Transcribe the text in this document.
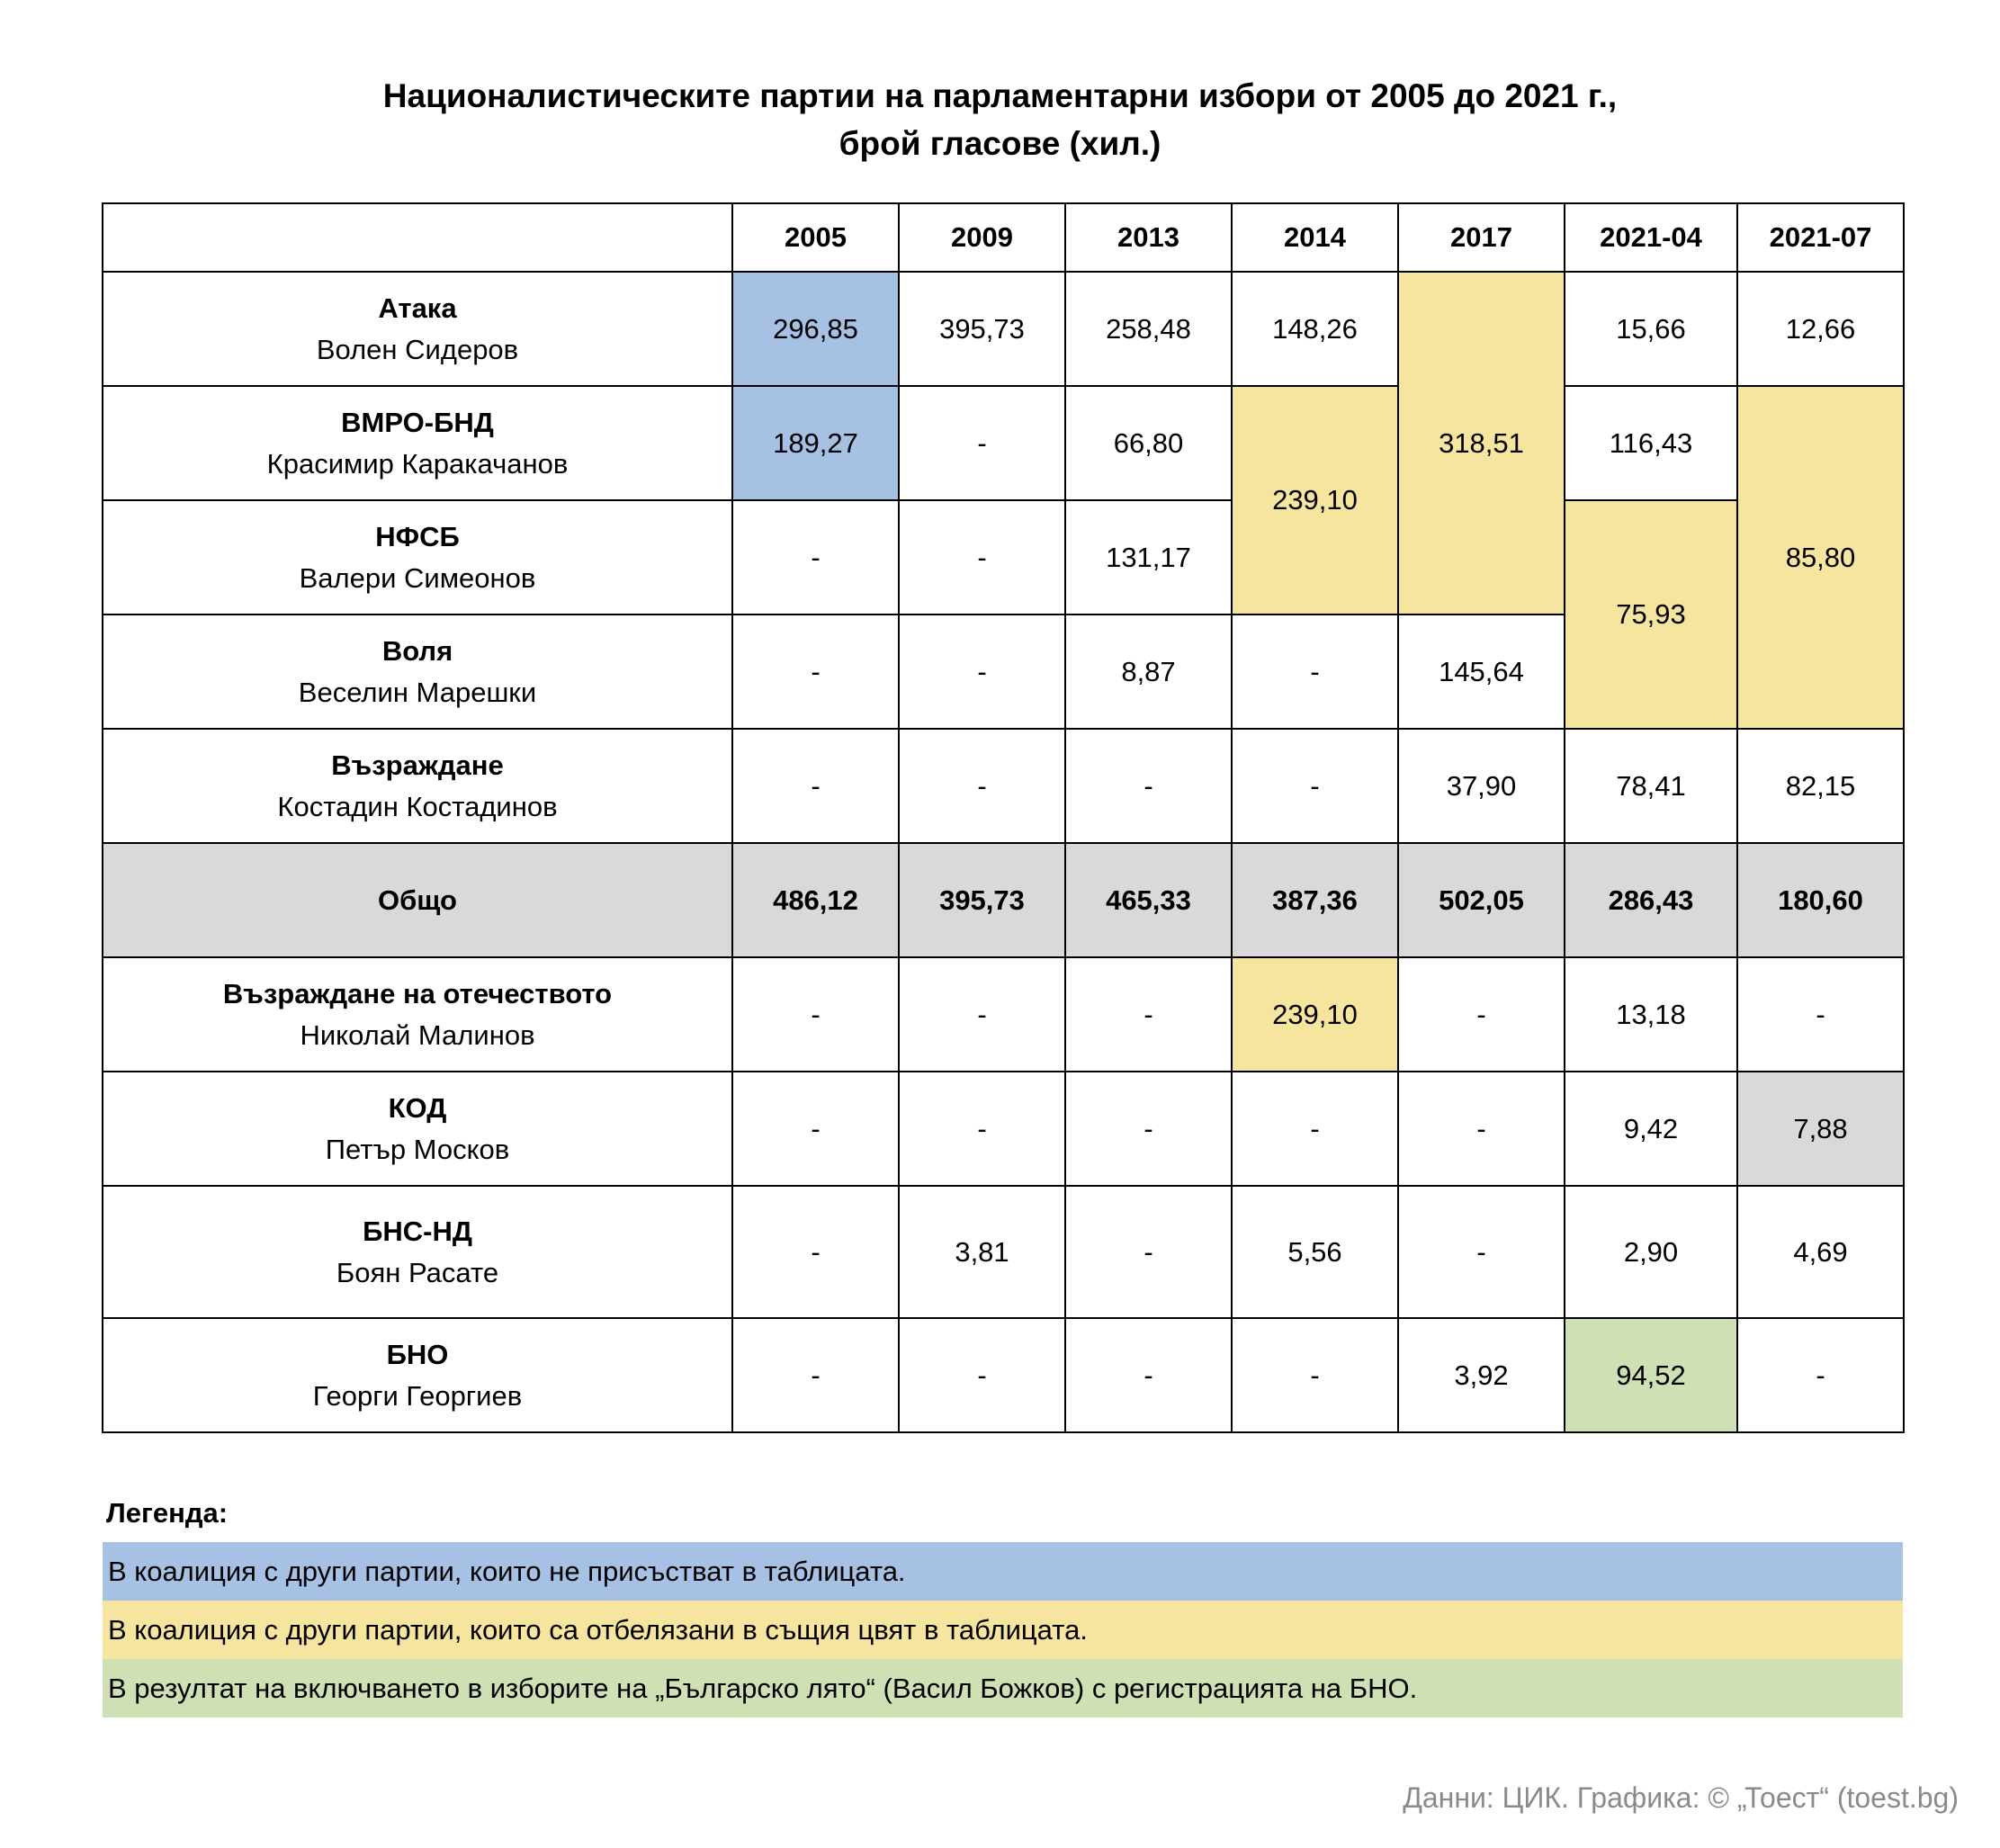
Националистическите партии на парламентарни избори от 2005 до 2021 г.,
брой гласове (хил.)
	2005	2009	2013	2014	2017	2021-04	2021-07

Атака
Волен Сидеров	296,85	395,73	258,48	148,26	318,51	15,66	12,66

ВМРО-БНД
Красимир Каракачанов	189,27	-	66,80	239,10		116,43	85,80

НФСБ
Валери Симеонов	-	-	131,17			75,93	

Воля
Веселин Марешки	-	-	8,87	-	145,64		

Възраждане
Костадин Костадинов	-	-	-	-	37,90	78,41	82,15

Общо	486,12	395,73	465,33	387,36	502,05	286,43	180,60

Възраждане на отечеството
Николай Малинов	-	-	-	239,10	-	13,18	-

КОД
Петър Москов	-	-	-	-	-	9,42	7,88

БНС-НД
Боян Расате	-	3,81	-	5,56	-	2,90	4,69

БНО
Георги Георгиев	-	-	-	-	3,92	94,52	-
Легенда:
В коалиция с други партии, които не присъстват в таблицата.
В коалиция с други партии, които са отбелязани в същия цвят в таблицата.
В резултат на включването в изборите на „Българско лято“ (Васил Божков) с регистрацията на БНО.
Данни: ЦИК. Графика: © „Тоест“ (toest.bg)
